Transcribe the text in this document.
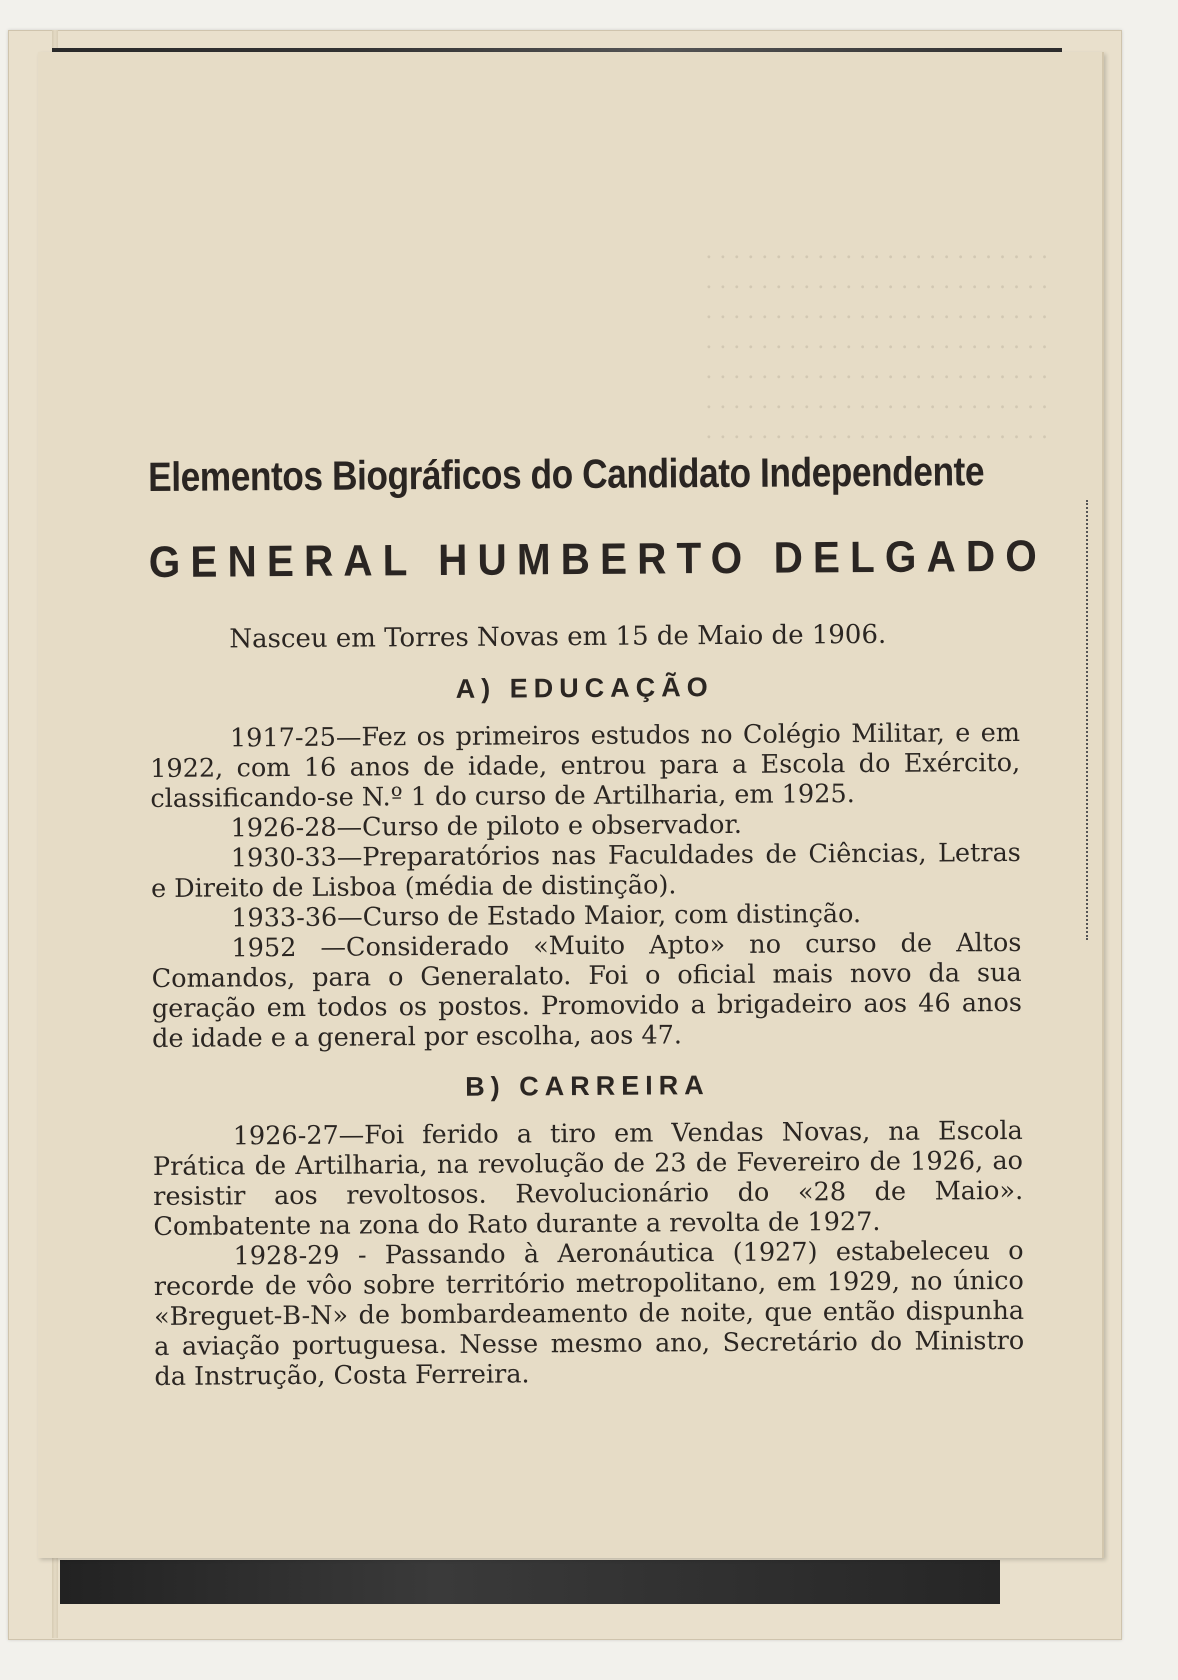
. . . . . . . . . . . . . . . . . . . . . . . . .
. . . . . . . . . . . . . . . . . . . . . . . . .
. . . . . . . . . . . . . . . . . . . . . . . . .
. . . . . . . . . . . . . . . . . . . . . . . . .
. . . . . . . . . . . . . . . . . . . . . . . . .
. . . . . . . . . . . . . . . . . . . . . . . . .
. . . . . . . . . . . . . . . . . . . . . . . . .
Elementos Biográficos do Candidato Independente
GENERAL HUMBERTO DELGADO

Nasceu em Torres Novas em 15 de Maio de 1906.

A) EDUCAÇÃO

1917-25—Fez os primeiros estudos no Colégio Militar, e em 1922, com 16 anos de idade, entrou para a Escola do Exército, classificando-se N.º 1 do curso de Artilharia, em 1925.

1926-28—Curso de piloto e observador.

1930-33—Preparatórios nas Faculdades de Ciências, Letras e Direito de Lisboa (média de distinção).

1933-36—Curso de Estado Maior, com distinção.

1952 —Considerado «Muito Apto» no curso de Altos Comandos, para o Generalato. Foi o oficial mais novo da sua geração em todos os postos. Promovido a brigadeiro aos 46 anos de idade e a general por escolha, aos 47.

B) CARREIRA

1926-27—Foi ferido a tiro em Vendas Novas, na Escola Prática de Artilharia, na revolução de 23 de Fevereiro de 1926, ao resistir aos revoltosos. Revolucionário do «28 de Maio». Combatente na zona do Rato durante a revolta de 1927.

1928-29 - Passando à Aeronáutica (1927) estabeleceu o recorde de vôo sobre território metropolitano, em 1929, no único «Breguet-B-N» de bombardeamento de noite, que então dispunha a aviação portuguesa. Nesse mesmo ano, Secretário do Ministro da Instrução, Costa Ferreira.
